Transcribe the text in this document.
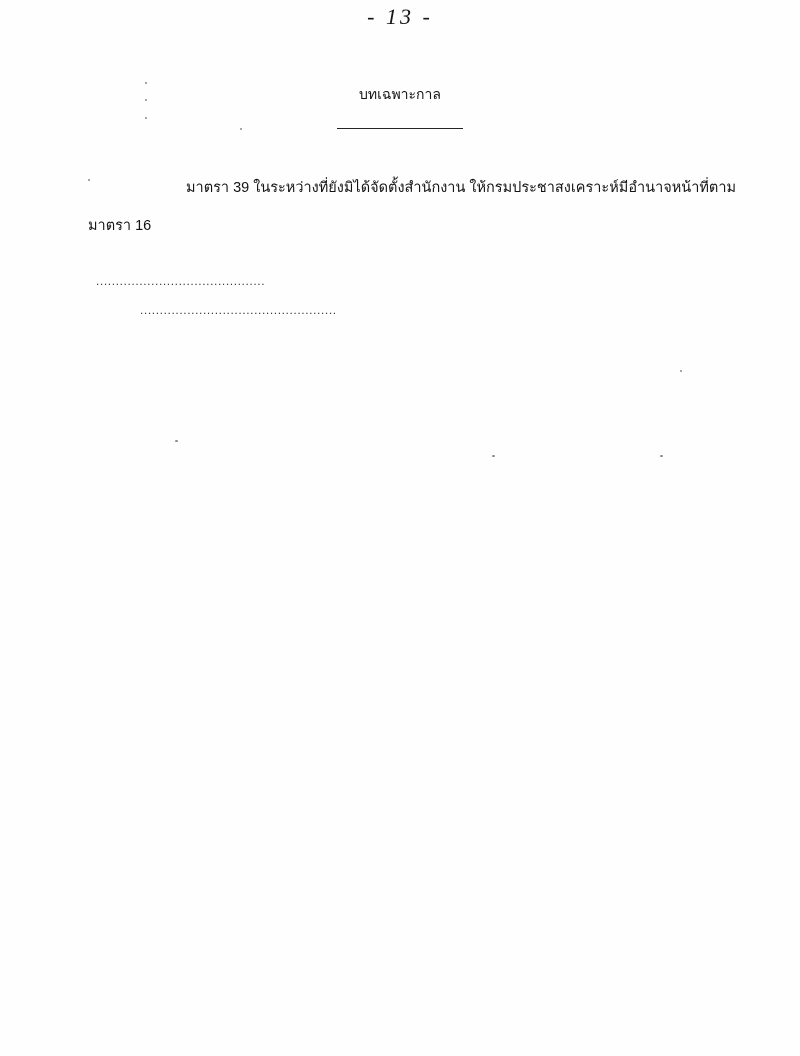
- 13 -
บทเฉพาะกาล
มาตรา 39 ในระหว่างที่ยังมิได้จัดตั้งสำนักงาน ให้กรมประชาสงเคราะห์มีอำนาจหน้าที่ตาม
มาตรา 16
...........................................
..................................................
